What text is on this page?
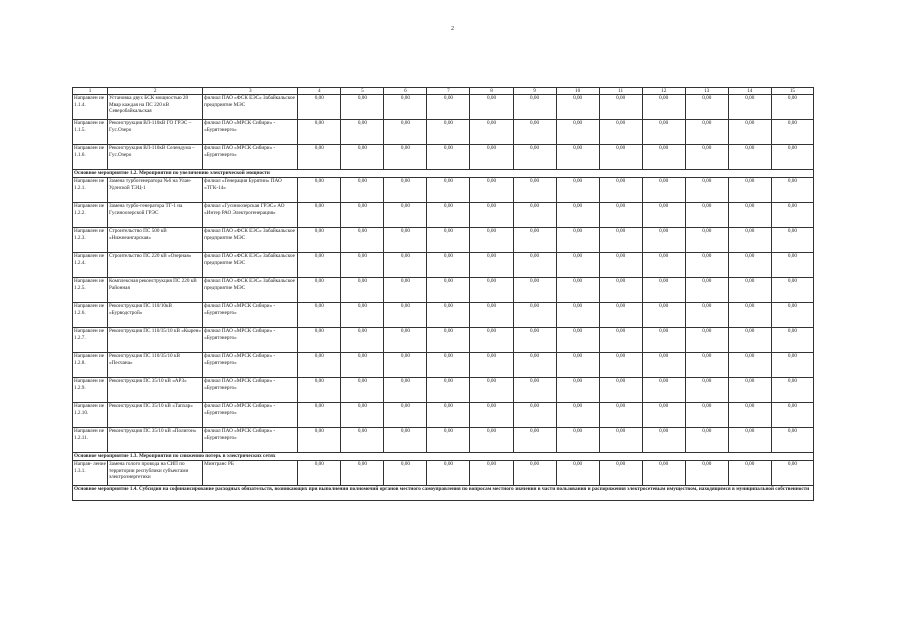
2
1	2	3	4	5	6	7	8	9	10	11	12	13	14	15
Направлен ие 1.1.4.	Установка двух БСК мощностью 20 Мвар каждая на ПС 220 кВ Северобайкальская	филиал ПАО «ФСК ЕЭС» Забайкальское предприятие МЭС	0,00	0,00	0,00	0,00	0,00	0,00	0,00	0,00	0,00	0,00	0,00	0,00
Направлен ие 1.1.5.	Реконструкция ВЛ-110кВ ГО ГРЭС – Гус.Озеро	филиал ПАО «МРСК Сибири» - «Бурятэнерго»	0,00	0,00	0,00	0,00	0,00	0,00	0,00	0,00	0,00	0,00	0,00	0,00
Направлен ие 1.1.6.	Реконструкция ВЛ-110кВ Селендума – Гус.Озеро	филиал ПАО «МРСК Сибири» - «Бурятэнерго»	0,00	0,00	0,00	0,00	0,00	0,00	0,00	0,00	0,00	0,00	0,00	0,00
Основное мероприятие 1.2. Мероприятия по увеличению электрической мощности														
Направлен ие 1.2.1.	Замена турбогенератора №6 на Улан-Удэнской ТЭЦ-1	филиал «Генерация Бурятии» ПАО «ТГК-14»	0,00	0,00	0,00	0,00	0,00	0,00	0,00	0,00	0,00	0,00	0,00	0,00
Направлен ие 1.2.2.	Замена турбо-генератора ТГ-1 на Гусиноозерской ГРЭС	филиал «Гусиноозерская ГРЭС» АО «Интер РАО Электрогенерация»	0,00	0,00	0,00	0,00	0,00	0,00	0,00	0,00	0,00	0,00	0,00	0,00
Направлен ие 1.2.3.	Строительство ПС 500 кВ «Нижнеангарская»	филиал ПАО «ФСК ЕЭС» Забайкальское предприятие МЭС	0,00	0,00	0,00	0,00	0,00	0,00	0,00	0,00	0,00	0,00	0,00	0,00
Направлен ие 1.2.4.	Строительство ПС 220 кВ «Озерная»	филиал ПАО «ФСК ЕЭС» Забайкальское предприятие МЭС	0,00	0,00	0,00	0,00	0,00	0,00	0,00	0,00	0,00	0,00	0,00	0,00
Направлен ие 1.2.5.	Комплексная реконструкция ПС 220 кВ Районная	филиал ПАО «ФСК ЕЭС» Забайкальское предприятие МЭС	0,00	0,00	0,00	0,00	0,00	0,00	0,00	0,00	0,00	0,00	0,00	0,00
Направлен ие 1.2.6.	Реконструкция ПС 110/10кВ «Бурводстрой»	филиал ПАО «МРСК Сибири» - «Бурятэнерго»	0,00	0,00	0,00	0,00	0,00	0,00	0,00	0,00	0,00	0,00	0,00	0,00
Направлен ие 1.2.7.	Реконструкция ПС 110/35/10 кВ «Кырен»	филиал ПАО «МРСК Сибири» - «Бурятэнерго»	0,00	0,00	0,00	0,00	0,00	0,00	0,00	0,00	0,00	0,00	0,00	0,00
Направлен ие 1.2.8.	Реконструкция ПС 110/35/10 кВ «Песчана»	филиал ПАО «МРСК Сибири» - «Бурятэнерго»	0,00	0,00	0,00	0,00	0,00	0,00	0,00	0,00	0,00	0,00	0,00	0,00
Направлен ие 1.2.9.	Реконструкция ПС 35/10 кВ «АРЗ»	филиал ПАО «МРСК Сибири» - «Бурятэнерго»	0,00	0,00	0,00	0,00	0,00	0,00	0,00	0,00	0,00	0,00	0,00	0,00
Направлен ие 1.2.10.	Реконструкция ПС 35/10 кВ «Тапхар»	филиал ПАО «МРСК Сибири» - «Бурятэнерго»	0,00	0,00	0,00	0,00	0,00	0,00	0,00	0,00	0,00	0,00	0,00	0,00
Направлен ие 1.2.11.	Реконструкция ПС 35/10 кВ «Полигон»	филиал ПАО «МРСК Сибири» - «Бурятэнерго»	0,00	0,00	0,00	0,00	0,00	0,00	0,00	0,00	0,00	0,00	0,00	0,00
Основное мероприятие 1.3. Мероприятия по снижению потерь в электрических сетях														
Направ- ление 1.3.1.	Замена голого провода на СИП по территории республики субъектами электроэнергетики	Минтранс РБ	0,00	0,00	0,00	0,00	0,00	0,00	0,00	0,00	0,00	0,00	0,00	0,00
Основное мероприятие 1.4. Субсидия на софинансирование расходных обязательств, возникающих при выполнении полномочий органов местного самоуправления по вопросам местного значения в части пользования и распоряжения электросетевым имуществом, находящимся в муниципальной собственности														
